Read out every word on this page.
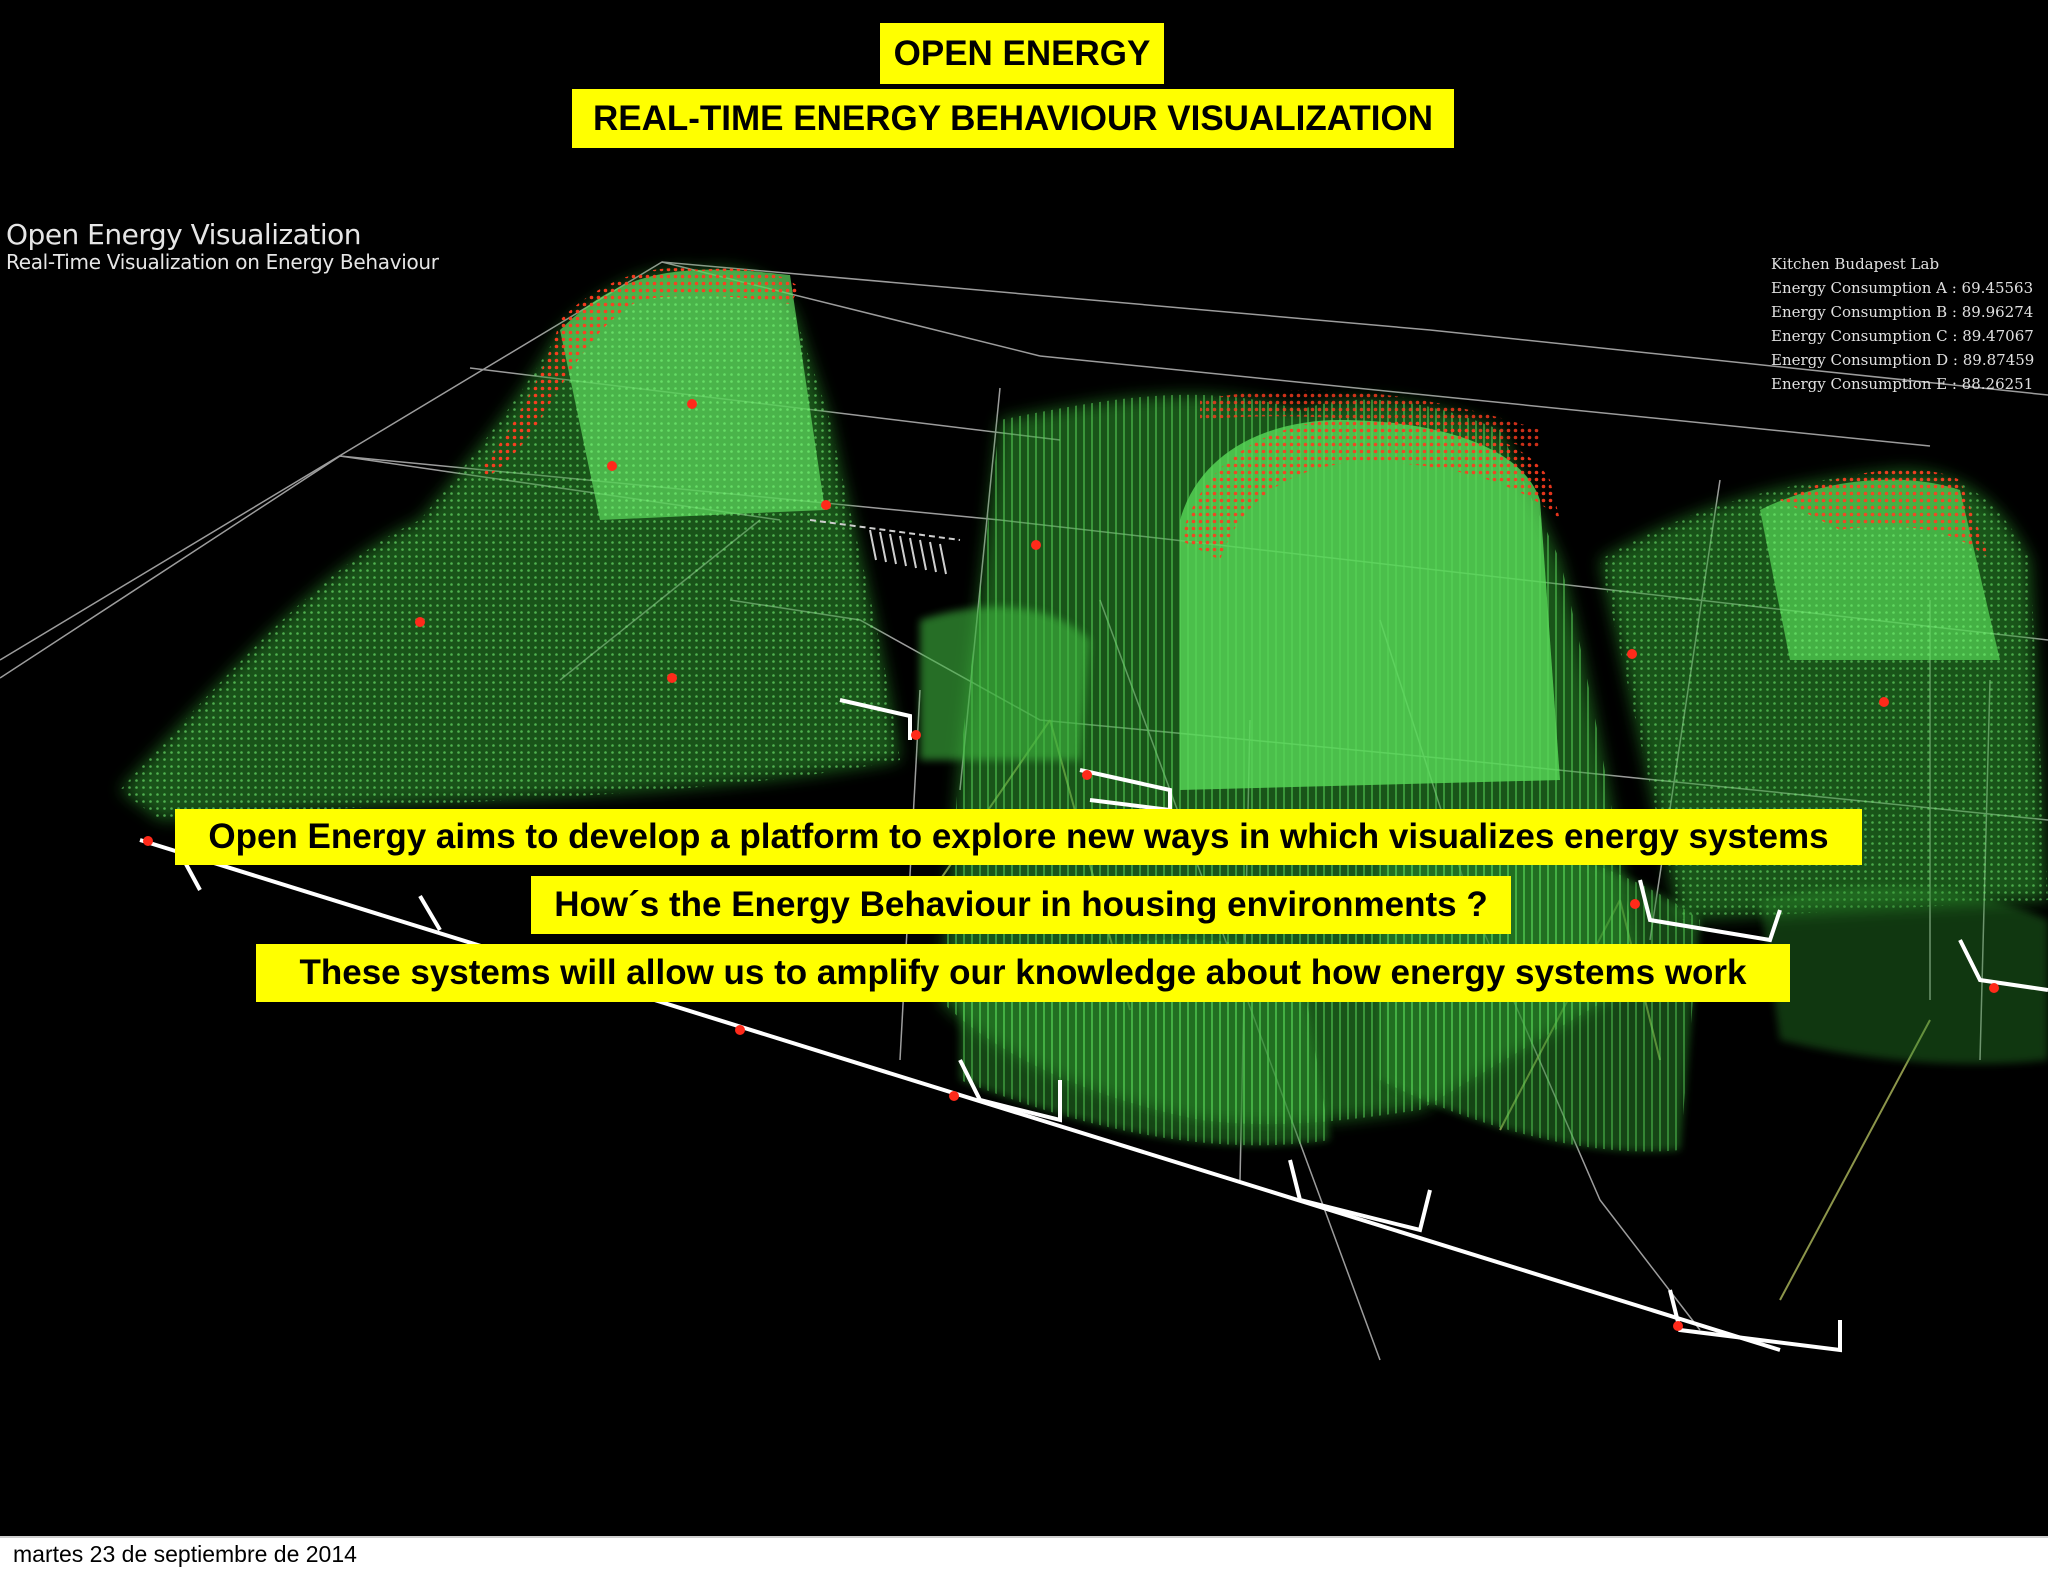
Open Energy Visualization
Real-Time Visualization on Energy Behaviour	Kitchen Budapest Lab
Energy Consumption A : 69.45563
Energy Consumption B : 89.96274
Energy Consumption C : 89.47067
Energy Consumption D : 89.87459
Energy Consumption E : 88.26251
OPEN ENERGY
REAL-TIME ENERGY BEHAVIOUR VISUALIZATION
Open Energy aims to develop a platform to explore new ways in which visualizes energy systems
How´s the Energy Behaviour in housing environments ?
These systems will allow us to amplify our knowledge about how energy systems work
martes 23 de septiembre de 2014
